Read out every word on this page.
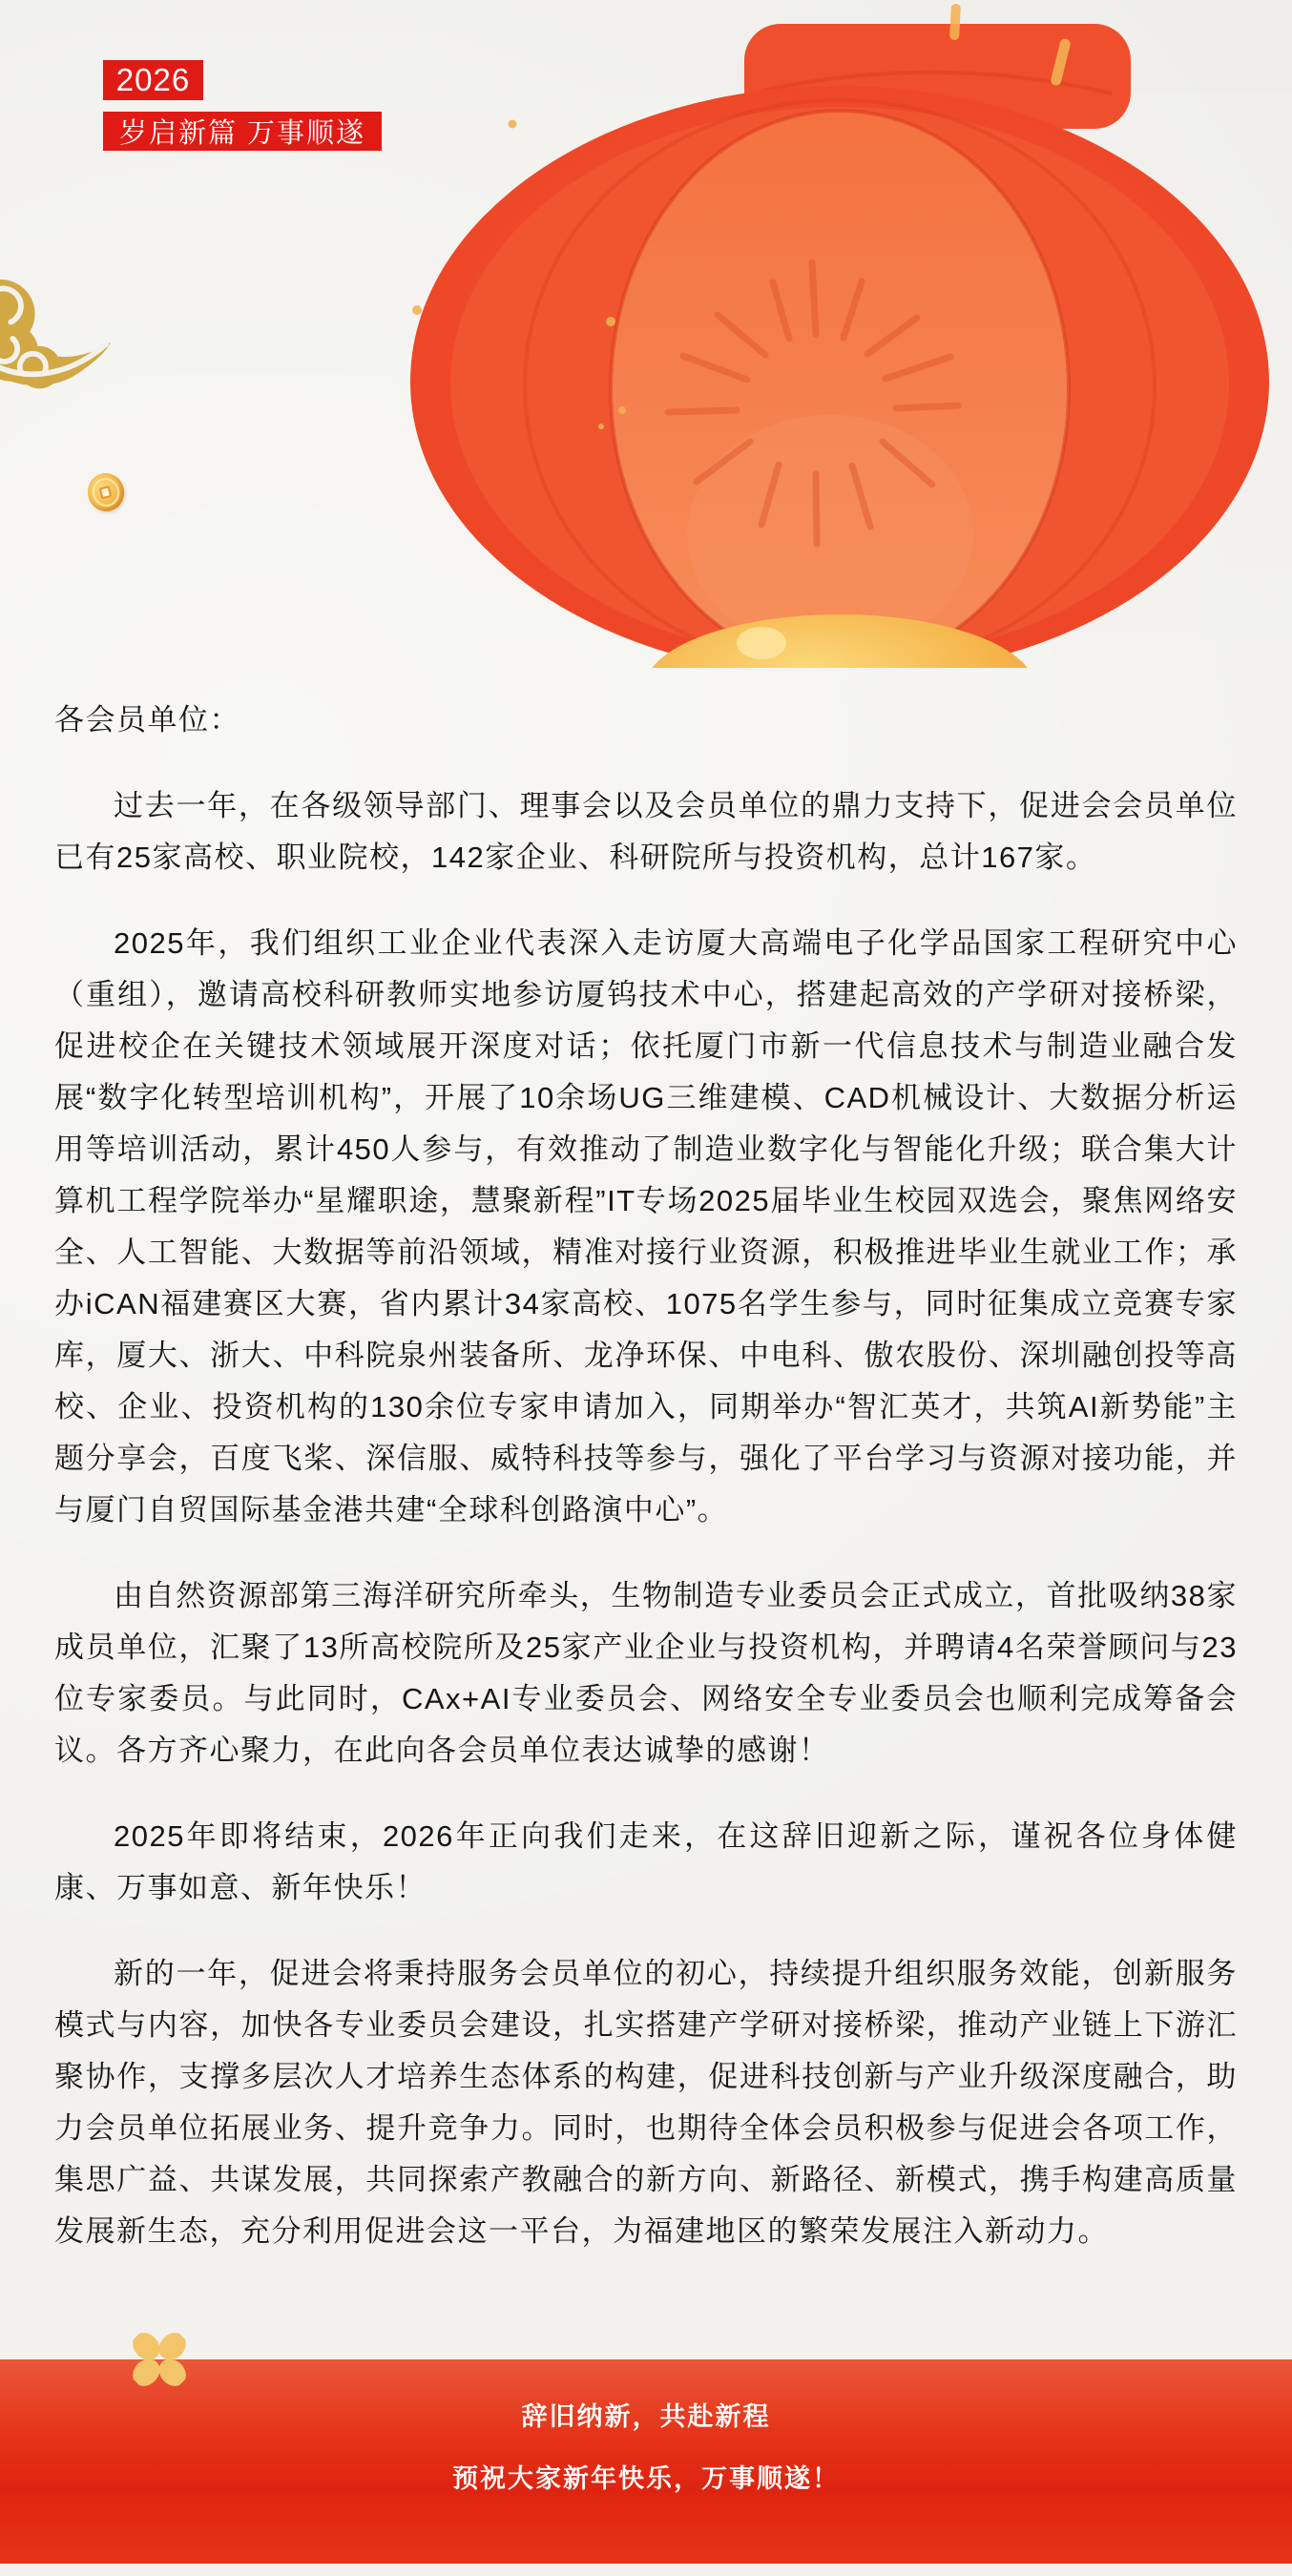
2026
岁启新篇 万事顺遂

各会员单位：

过去一年，在各级领导部门、理事会以及会员单位的鼎力支持下，促进会会员单位已有25家高校、职业院校，142家企业、科研院所与投资机构，总计167家。

2025年，我们组织工业企业代表深入走访厦大高端电子化学品国家工程研究中心（重组），邀请高校科研教师实地参访厦钨技术中心，搭建起高效的产学研对接桥梁，促进校企在关键技术领域展开深度对话；依托厦门市新一代信息技术与制造业融合发展“数字化转型培训机构”，开展了10余场UG三维建模、CAD机械设计、大数据分析运用等培训活动，累计450人参与，有效推动了制造业数字化与智能化升级；联合集大计算机工程学院举办“星耀职途，慧聚新程”IT专场2025届毕业生校园双选会，聚焦网络安全、人工智能、大数据等前沿领域，精准对接行业资源，积极推进毕业生就业工作；承办iCAN福建赛区大赛，省内累计34家高校、1075名学生参与，同时征集成立竞赛专家库，厦大、浙大、中科院泉州装备所、龙净环保、中电科、傲农股份、深圳融创投等高校、企业、投资机构的130余位专家申请加入，同期举办“智汇英才，共筑AI新势能”主题分享会，百度飞桨、深信服、威特科技等参与，强化了平台学习与资源对接功能，并与厦门自贸国际基金港共建“全球科创路演中心”。

由自然资源部第三海洋研究所牵头，生物制造专业委员会正式成立，首批吸纳38家成员单位，汇聚了13所高校院所及25家产业企业与投资机构，并聘请4名荣誉顾问与23位专家委员。与此同时，CAx+AI专业委员会、网络安全专业委员会也顺利完成筹备会议。各方齐心聚力，在此向各会员单位表达诚挚的感谢！

2025年即将结束，2026年正向我们走来，在这辞旧迎新之际，谨祝各位身体健康、万事如意、新年快乐！

新的一年，促进会将秉持服务会员单位的初心，持续提升组织服务效能，创新服务模式与内容，加快各专业委员会建设，扎实搭建产学研对接桥梁，推动产业链上下游汇聚协作，支撑多层次人才培养生态体系的构建，促进科技创新与产业升级深度融合，助力会员单位拓展业务、提升竞争力。同时，也期待全体会员积极参与促进会各项工作，集思广益、共谋发展，共同探索产教融合的新方向、新路径、新模式，携手构建高质量发展新生态，充分利用促进会这一平台，为福建地区的繁荣发展注入新动力。

辞旧纳新，共赴新程

预祝大家新年快乐，万事顺遂！
